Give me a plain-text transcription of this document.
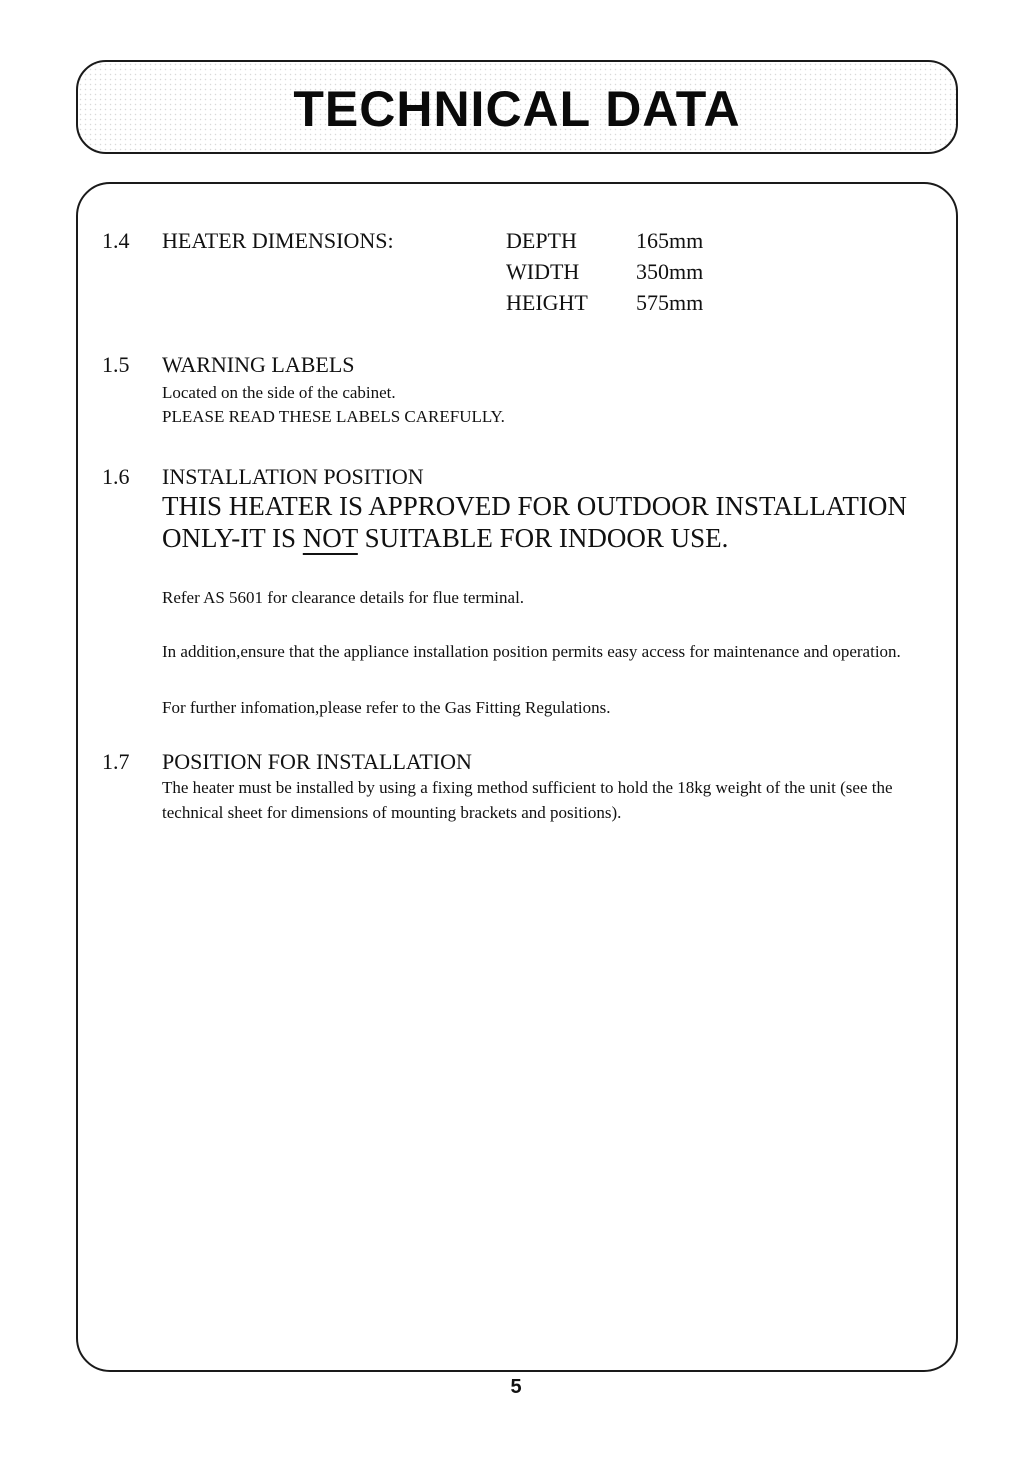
TECHNICAL DATA
1.4 HEATER DIMENSIONS:	DEPTH	165mm
WIDTH	350mm
HEIGHT 575mm
1.5 WARNING LABELS
Located on the side of the cabinet.
PLEASE READ THESE LABELS CAREFULLY.
1.6 INSTALLATION POSITION
THIS HEATER IS APPROVED FOR OUTDOOR INSTALLATION
ONLY-IT IS NOT SUITABLE FOR INDOOR USE.
Refer AS 5601 for clearance details for flue terminal.
In addition,ensure that the appliance installation position permits easy access for maintenance and operation.
For further infomation,please refer to the Gas Fitting Regulations.
1.7 POSITION FOR INSTALLATION
The heater must be installed by using a fixing method sufficient to hold the 18kg weight of the unit (see the technical sheet for dimensions of mounting brackets and positions).
5
